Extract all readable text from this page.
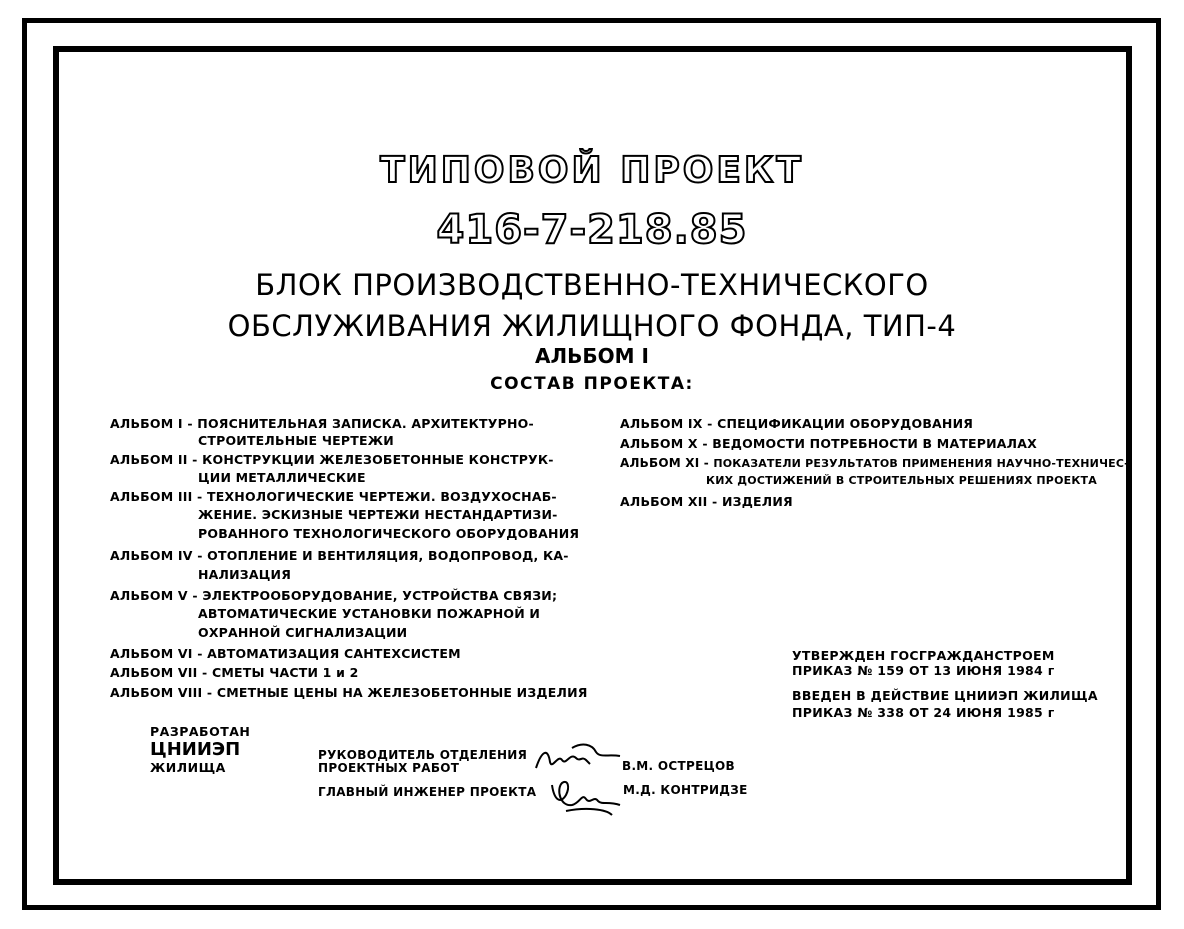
ТИПОВОЙ ПРОЕКТ
416-7-218.85
БЛОК ПРОИЗВОДСТВЕННО-ТЕХНИЧЕСКОГО
ОБСЛУЖИВАНИЯ ЖИЛИЩНОГО ФОНДА, ТИП-4
АЛЬБОМ I
СОСТАВ ПРОЕКТА:
АЛЬБОМ I - ПОЯСНИТЕЛЬНАЯ ЗАПИСКА. АРХИТЕКТУРНО-
СТРОИТЕЛЬНЫЕ ЧЕРТЕЖИ
АЛЬБОМ II - КОНСТРУКЦИИ ЖЕЛЕЗОБЕТОННЫЕ КОНСТРУК-
ЦИИ МЕТАЛЛИЧЕСКИЕ
АЛЬБОМ III - ТЕХНОЛОГИЧЕСКИЕ ЧЕРТЕЖИ. ВОЗДУХОСНАБ-
ЖЕНИЕ. ЭСКИЗНЫЕ ЧЕРТЕЖИ НЕСТАНДАРТИЗИ-
РОВАННОГО ТЕХНОЛОГИЧЕСКОГО ОБОРУДОВАНИЯ
АЛЬБОМ IV - ОТОПЛЕНИЕ И ВЕНТИЛЯЦИЯ, ВОДОПРОВОД, КА-
НАЛИЗАЦИЯ
АЛЬБОМ V - ЭЛЕКТРООБОРУДОВАНИЕ, УСТРОЙСТВА СВЯЗИ;
АВТОМАТИЧЕСКИЕ УСТАНОВКИ ПОЖАРНОЙ И
ОХРАННОЙ СИГНАЛИЗАЦИИ
АЛЬБОМ VI - АВТОМАТИЗАЦИЯ САНТЕХСИСТЕМ
АЛЬБОМ VII - СМЕТЫ ЧАСТИ 1 и 2
АЛЬБОМ VIII - СМЕТНЫЕ ЦЕНЫ НА ЖЕЛЕЗОБЕТОННЫЕ ИЗДЕЛИЯ
АЛЬБОМ IX - СПЕЦИФИКАЦИИ ОБОРУДОВАНИЯ
АЛЬБОМ X - ВЕДОМОСТИ ПОТРЕБНОСТИ В МАТЕРИАЛАХ
АЛЬБОМ XI - ПОКАЗАТЕЛИ РЕЗУЛЬТАТОВ ПРИМЕНЕНИЯ НАУЧНО-ТЕХНИЧЕС-
КИХ ДОСТИЖЕНИЙ В СТРОИТЕЛЬНЫХ РЕШЕНИЯХ ПРОЕКТА
АЛЬБОМ XII - ИЗДЕЛИЯ
УТВЕРЖДЕН ГОСГРАЖДАНСТРОЕМ
ПРИКАЗ № 159 ОТ 13 ИЮНЯ 1984 г
ВВЕДЕН В ДЕЙСТВИЕ ЦНИИЭП ЖИЛИЩА
ПРИКАЗ № 338 ОТ 24 ИЮНЯ 1985 г
РАЗРАБОТАН
ЦНИИЭП
ЖИЛИЩА
РУКОВОДИТЕЛЬ ОТДЕЛЕНИЯ
ПРОЕКТНЫХ РАБОТ	В.М. ОСТРЕЦОВ
ГЛАВНЫЙ ИНЖЕНЕР ПРОЕКТА	М.Д. КОНТРИДЗЕ
